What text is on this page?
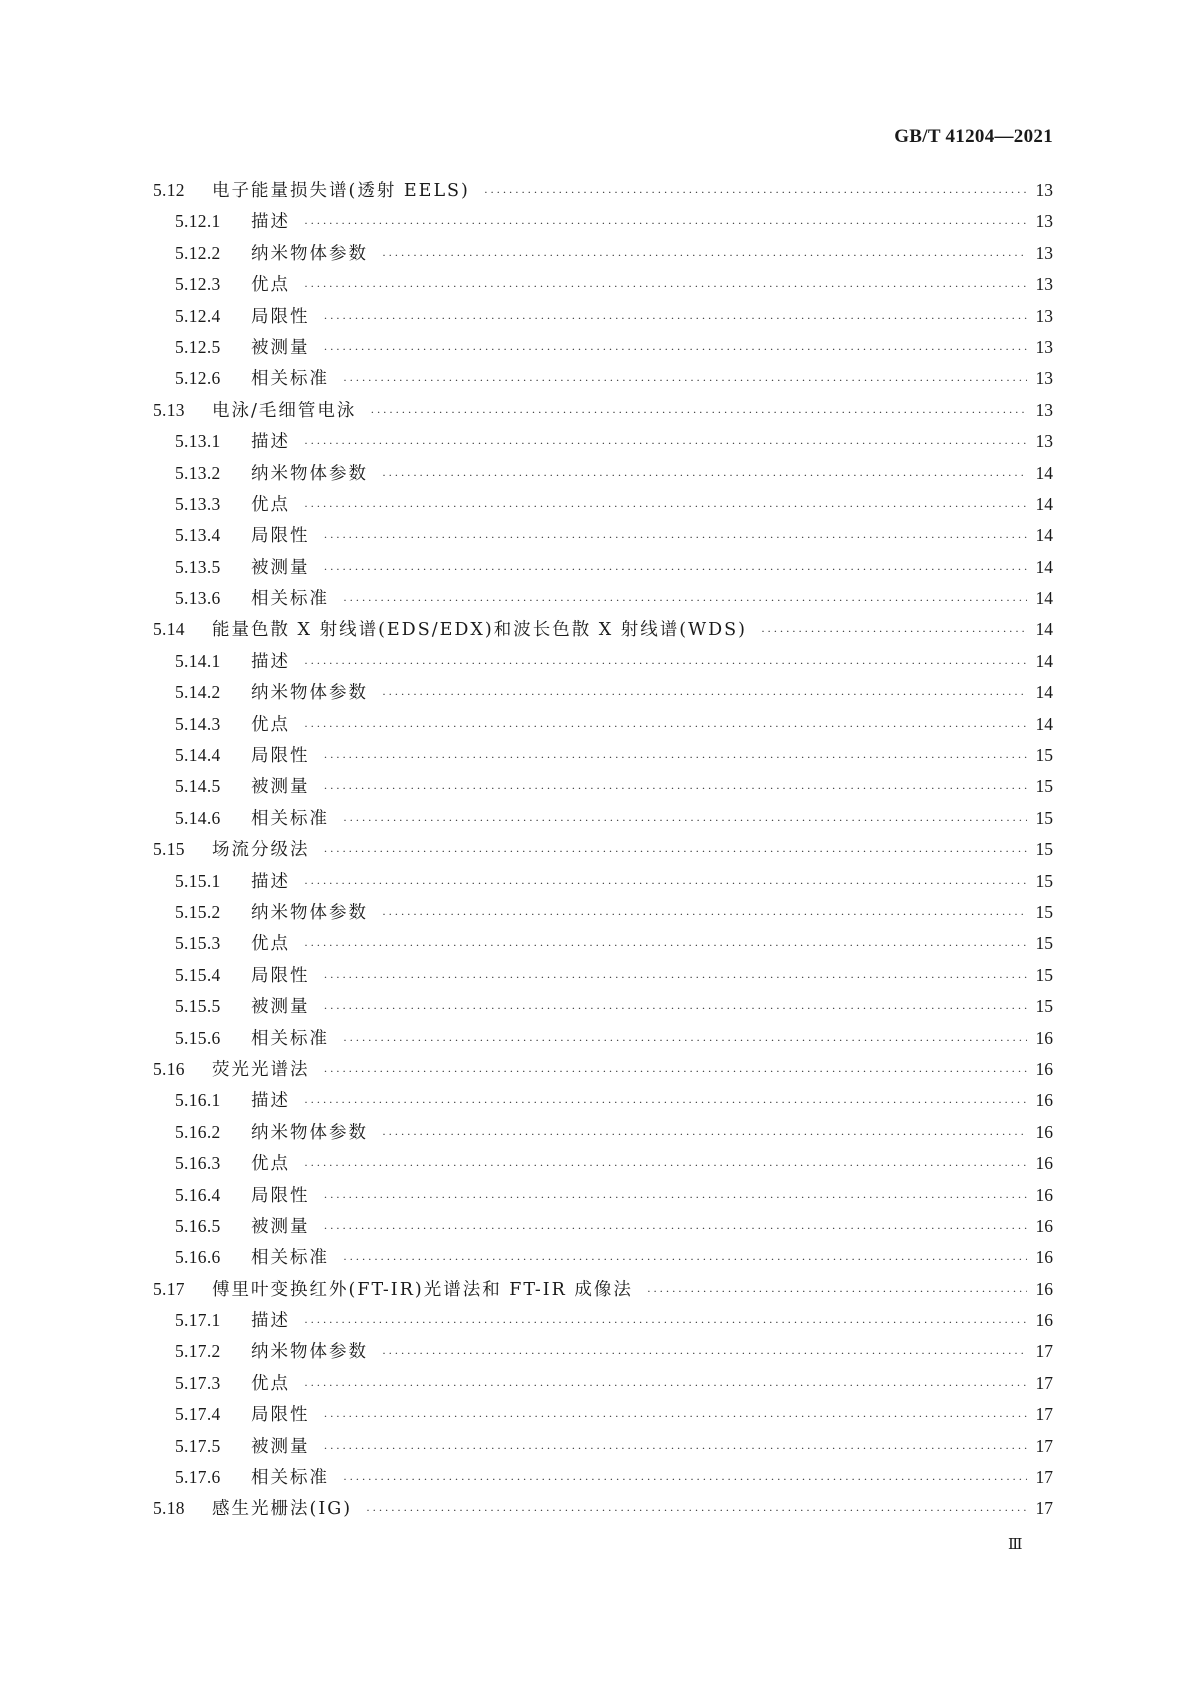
GB/T 41204—2021
5.12	电子能量损失谱(透射 EELS) ·····	13
5.12.1	描述 ·····	13
5.12.2	纳米物体参数 ·····	13
5.12.3	优点 ·····	13
5.12.4	局限性 ·····	13
5.12.5	被测量 ·····	13
5.12.6	相关标准 ·····	13
5.13	电泳/毛细管电泳 ·····	13
5.13.1	描述 ·····	13
5.13.2	纳米物体参数 ·····	14
5.13.3	优点 ·····	14
5.13.4	局限性 ·····	14
5.13.5	被测量 ·····	14
5.13.6	相关标准 ·····	14
5.14	能量色散 X 射线谱(EDS/EDX)和波长色散 X 射线谱(WDS) ·····	14
5.14.1	描述 ·····	14
5.14.2	纳米物体参数 ·····	14
5.14.3	优点 ·····	14
5.14.4	局限性 ·····	15
5.14.5	被测量 ·····	15
5.14.6	相关标准 ·····	15
5.15	场流分级法 ·····	15
5.15.1	描述 ·····	15
5.15.2	纳米物体参数 ·····	15
5.15.3	优点 ·····	15
5.15.4	局限性 ·····	15
5.15.5	被测量 ·····	15
5.15.6	相关标准 ·····	16
5.16	荧光光谱法 ·····	16
5.16.1	描述 ·····	16
5.16.2	纳米物体参数 ·····	16
5.16.3	优点 ·····	16
5.16.4	局限性 ·····	16
5.16.5	被测量 ·····	16
5.16.6	相关标准 ·····	16
5.17	傅里叶变换红外(FT-IR)光谱法和 FT-IR 成像法 ·····	16
5.17.1	描述 ·····	16
5.17.2	纳米物体参数 ·····	17
5.17.3	优点 ·····	17
5.17.4	局限性 ·····	17
5.17.5	被测量 ·····	17
5.17.6	相关标准 ·····	17
5.18	感生光栅法(IG) ·····	17
Ⅲ
